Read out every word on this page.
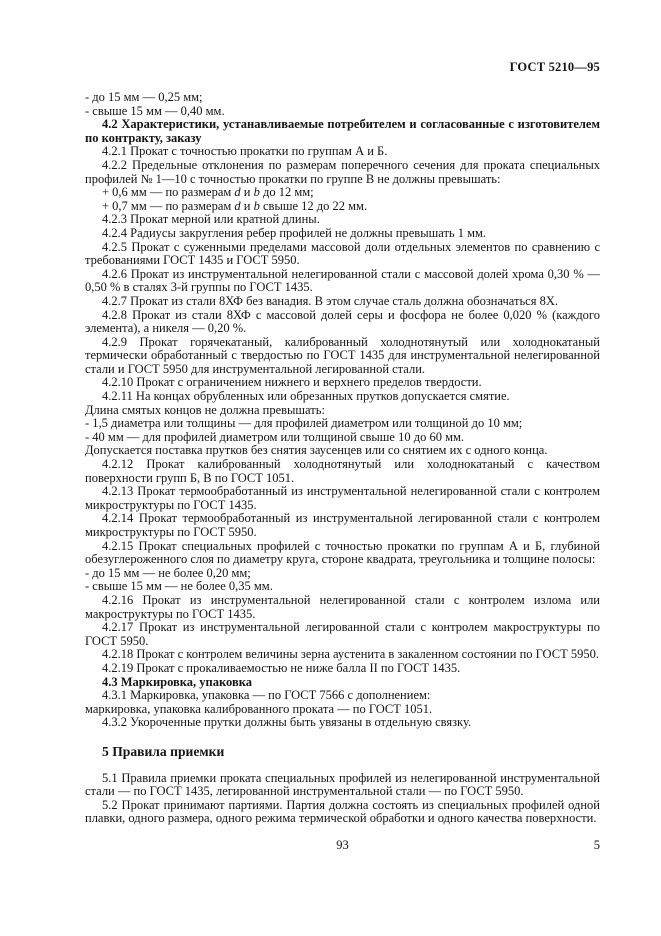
ГОСТ 5210—95

- до 15 мм — 0,25 мм;

- свыше 15 мм — 0,40 мм.

4.2 Характеристики, устанавливаемые потребителем и согласованные с изготовителем по контракту, заказу

4.2.1 Прокат с точностью прокатки по группам А и Б.

4.2.2 Предельные отклонения по размерам поперечного сечения для проката специальных профилей № 1—10 с точностью прокатки по группе В не должны превышать:

+ 0,6 мм — по размерам d и b до 12 мм;

+ 0,7 мм — по размерам d и b свыше 12 до 22 мм.

4.2.3 Прокат мерной или кратной длины.

4.2.4 Радиусы закругления ребер профилей не должны превышать 1 мм.

4.2.5 Прокат с суженными пределами массовой доли отдельных элементов по сравнению с требованиями ГОСТ 1435 и ГОСТ 5950.

4.2.6 Прокат из инструментальной нелегированной стали с массовой долей хрома 0,30 % — 0,50 % в сталях 3-й группы по ГОСТ 1435.

4.2.7 Прокат из стали 8ХФ без ванадия. В этом случае сталь должна обозначаться 8Х.

4.2.8 Прокат из стали 8ХФ с массовой долей серы и фосфора не более 0,020 % (каждого элемента), а никеля — 0,20 %.

4.2.9 Прокат горячекатаный, калиброванный холоднотянутый или холоднокатаный термически обработанный с твердостью по ГОСТ 1435 для инструментальной нелегированной стали и ГОСТ 5950 для инструментальной легированной стали.

4.2.10 Прокат с ограничением нижнего и верхнего пределов твердости.

4.2.11 На концах обрубленных или обрезанных прутков допускается смятие.

Длина смятых концов не должна превышать:

- 1,5 диаметра или толщины — для профилей диаметром или толщиной до 10 мм;

- 40 мм — для профилей диаметром или толщиной свыше 10 до 60 мм.

Допускается поставка прутков без снятия заусенцев или со снятием их с одного конца.

4.2.12 Прокат калиброванный холоднотянутый или холоднокатаный с качеством поверхности групп Б, В по ГОСТ 1051.

4.2.13 Прокат термообработанный из инструментальной нелегированной стали с контролем микроструктуры по ГОСТ 1435.

4.2.14 Прокат термообработанный из инструментальной легированной стали с контролем микроструктуры по ГОСТ 5950.

4.2.15 Прокат специальных профилей с точностью прокатки по группам А и Б, глубиной обезуглероженного слоя по диаметру круга, стороне квадрата, треугольника и толщине полосы:

- до 15 мм — не более 0,20 мм;

- свыше 15 мм — не более 0,35 мм.

4.2.16 Прокат из инструментальной нелегированной стали с контролем излома или макроструктуры по ГОСТ 1435.

4.2.17 Прокат из инструментальной легированной стали с контролем макроструктуры по ГОСТ 5950.

4.2.18 Прокат с контролем величины зерна аустенита в закаленном состоянии по ГОСТ 5950.

4.2.19 Прокат с прокаливаемостью не ниже балла II по ГОСТ 1435.

4.3 Маркировка, упаковка

4.3.1 Маркировка, упаковка — по ГОСТ 7566 с дополнением:

маркировка, упаковка калиброванного проката — по ГОСТ 1051.

4.3.2 Укороченные прутки должны быть увязаны в отдельную связку.

5 Правила приемки

5.1 Правила приемки проката специальных профилей из нелегированной инструментальной стали — по ГОСТ 1435, легированной инструментальной стали — по ГОСТ 5950.

5.2 Прокат принимают партиями. Партия должна состоять из специальных профилей одной плавки, одного размера, одного режима термической обработки и одного качества поверхности.

93	5
